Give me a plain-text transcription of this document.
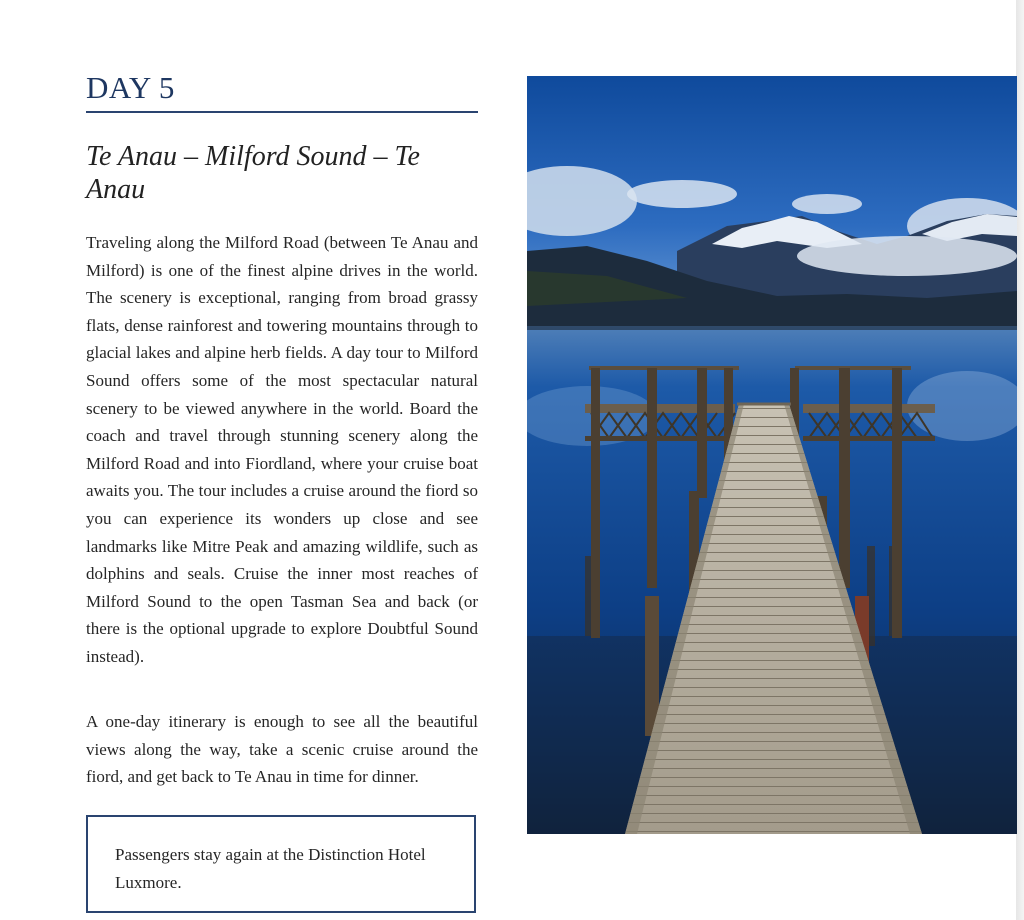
DAY 5
Te Anau – Milford Sound – Te Anau

Traveling along the Milford Road (between Te Anau and Milford) is one of the finest alpine drives in the world. The scenery is exceptional, ranging from broad grassy flats, dense rainforest and towering mountains through to glacial lakes and alpine herb fields. A day tour to Milford Sound offers some of the most spectacular natural scenery to be viewed anywhere in the world. Board the coach and travel through stunning scenery along the Milford Road and into Fiordland, where your cruise boat awaits you. The tour includes a cruise around the fiord so you can experience its wonders up close and see landmarks like Mitre Peak and amazing wildlife, such as dolphins and seals. Cruise the inner most reaches of Milford Sound to the open Tasman Sea and back (or there is the optional upgrade to explore Doubtful Sound instead).

A one-day itinerary is enough to see all the beautiful views along the way, take a scenic cruise around the fiord, and get back to Te Anau in time for dinner.

Passengers stay again at the Distinction Hotel Luxmore.
